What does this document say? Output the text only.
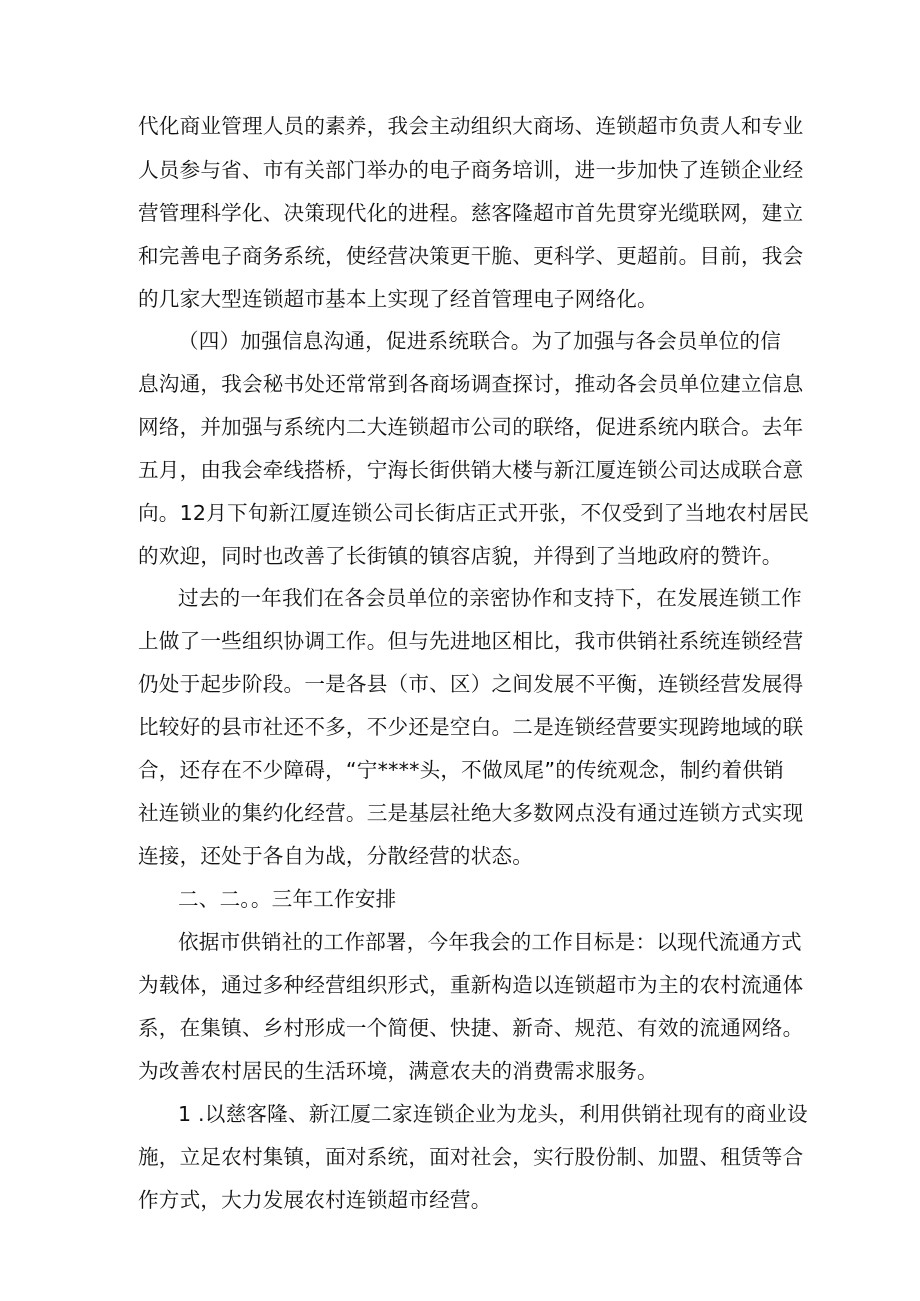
代化商业管理人员的素养，我会主动组织大商场、连锁超市负责人和专业
人员参与省、市有关部门举办的电子商务培训，进一步加快了连锁企业经
营管理科学化、决策现代化的进程。慈客隆超市首先贯穿光缆联网，建立
和完善电子商务系统，使经营决策更干脆、更科学、更超前。目前，我会
的几家大型连锁超市基本上实现了经首管理电子网络化。
（四）加强信息沟通，促进系统联合。为了加强与各会员单位的信
息沟通，我会秘书处还常常到各商场调查探讨，推动各会员单位建立信息
网络，并加强与系统内二大连锁超市公司的联络，促进系统内联合。去年
五月，由我会牵线搭桥，宁海长街供销大楼与新江厦连锁公司达成联合意
向。12月下旬新江厦连锁公司长街店正式开张，不仅受到了当地农村居民
的欢迎，同时也改善了长街镇的镇容店貌，并得到了当地政府的赞许。
过去的一年我们在各会员单位的亲密协作和支持下，在发展连锁工作
上做了一些组织协调工作。但与先进地区相比，我市供销社系统连锁经营
仍处于起步阶段。一是各县（市、区）之间发展不平衡，连锁经营发展得
比较好的县市社还不多，不少还是空白。二是连锁经营要实现跨地域的联
合，还存在不少障碍，“宁****头，不做凤尾”的传统观念，制约着供销
社连锁业的集约化经营。三是基层社绝大多数网点没有通过连锁方式实现
连接，还处于各自为战，分散经营的状态。
二、二。。三年工作安排
依据市供销社的工作部署，今年我会的工作目标是：以现代流通方式
为载体，通过多种经营组织形式，重新构造以连锁超市为主的农村流通体
系，在集镇、乡村形成一个简便、快捷、新奇、规范、有效的流通网络。
为改善农村居民的生活环境，满意农夫的消费需求服务。
1 .以慈客隆、新江厦二家连锁企业为龙头，利用供销社现有的商业设
施，立足农村集镇，面对系统，面对社会，实行股份制、加盟、租赁等合
作方式，大力发展农村连锁超市经营。
